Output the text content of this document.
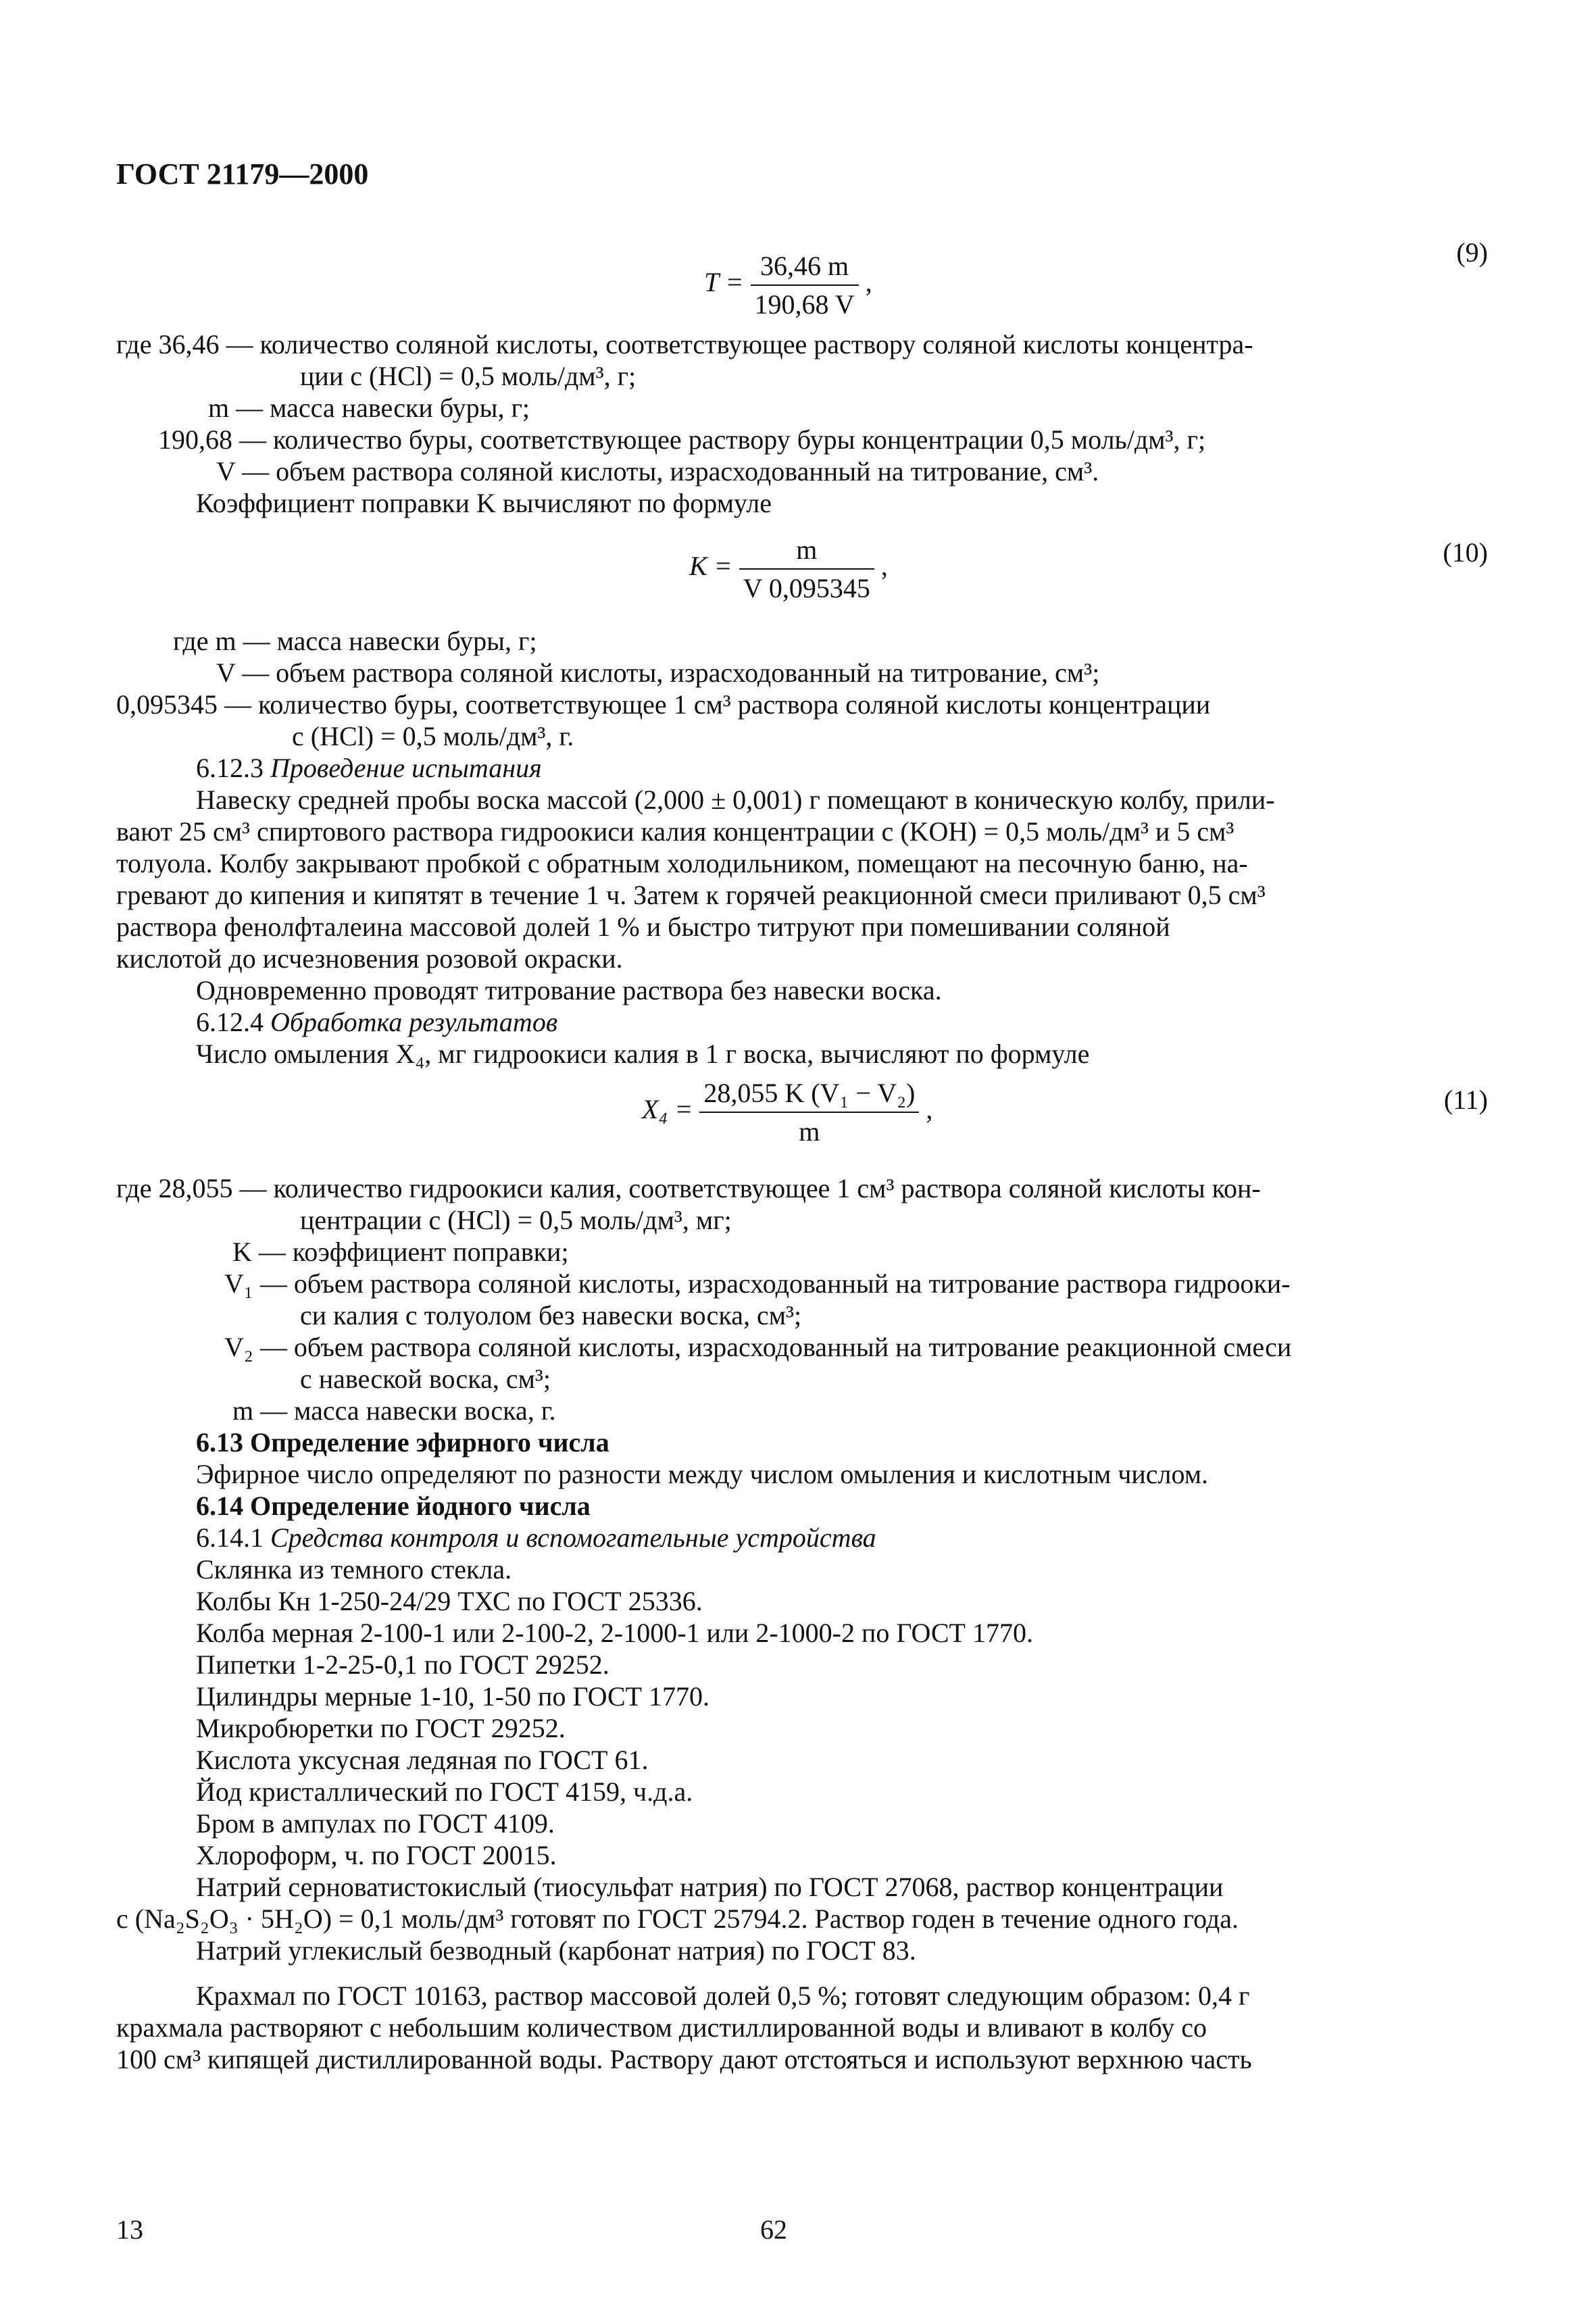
ГОСТ 21179—2000
$T = \frac{36,46 m}{190,68 V}$ ,
(9)
где 36,46 — количество соляной кислоты, соответствующее раствору соляной кислоты концентра-
ции c (HCl) = 0,5 моль/дм³, г;
m — масса навески буры, г;
190,68 — количество буры, соответствующее раствору буры концентрации 0,5 моль/дм³, г;
V — объем раствора соляной кислоты, израсходованный на титрование, см³.
Коэффициент поправки K вычисляют по формуле
$K = \frac{m}{V 0,095345}$ ,	(10)
где m — масса навески буры, г;
V — объем раствора соляной кислоты, израсходованный на титрование, см³;
0,095345 — количество буры, соответствующее 1 см³ раствора соляной кислоты концентрации
c (HCl) = 0,5 моль/дм³, г.
6.12.3 Проведение испытания
Навеску средней пробы воска массой (2,000 ± 0,001) г помещают в коническую колбу, прили-
вают 25 см³ спиртового раствора гидроокиси калия концентрации c (KOH) = 0,5 моль/дм³ и 5 см³
толуола. Колбу закрывают пробкой с обратным холодильником, помещают на песочную баню, на-
гревают до кипения и кипятят в течение 1 ч. Затем к горячей реакционной смеси приливают 0,5 см³
раствора фенолфталеина массовой долей 1 % и быстро титруют при помешивании соляной
кислотой до исчезновения розовой окраски.
Одновременно проводят титрование раствора без навески воска.
6.12.4 Обработка результатов
Число омыления X₄, мг гидроокиси калия в 1 г воска, вычисляют по формуле
$X_4 = \frac{\text{28,055 K (V₁ − V₂)}}{m}$ ,	(11)
где 28,055 — количество гидроокиси калия, соответствующее 1 см³ раствора соляной кислоты кон-
центрации c (HCl) = 0,5 моль/дм³, мг;
K — коэффициент поправки;
V₁ — объем раствора соляной кислоты, израсходованный на титрование раствора гидрооки-
си калия с толуолом без навески воска, см³;
V₂ — объем раствора соляной кислоты, израсходованный на титрование реакционной смеси
с навеской воска, см³;
m — масса навески воска, г.
6.13 Определение эфирного числа
Эфирное число определяют по разности между числом омыления и кислотным числом.
6.14 Определение йодного числа
6.14.1 Средства контроля и вспомогательные устройства
Склянка из темного стекла.
Колбы Кн 1-250-24/29 ТХС по ГОСТ 25336.
Колба мерная 2-100-1 или 2-100-2, 2-1000-1 или 2-1000-2 по ГОСТ 1770.
Пипетки 1-2-25-0,1 по ГОСТ 29252.
Цилиндры мерные 1-10, 1-50 по ГОСТ 1770.
Микробюретки по ГОСТ 29252.
Кислота уксусная ледяная по ГОСТ 61.
Йод кристаллический по ГОСТ 4159, ч.д.а.
Бром в ампулах по ГОСТ 4109.
Хлороформ, ч. по ГОСТ 20015.
Натрий серноватистокислый (тиосульфат натрия) по ГОСТ 27068, раствор концентрации
c (Na₂S₂O₃ · 5H₂O) = 0,1 моль/дм³ готовят по ГОСТ 25794.2. Раствор годен в течение одного года.
Натрий углекислый безводный (карбонат натрия) по ГОСТ 83.
Крахмал по ГОСТ 10163, раствор массовой долей 0,5 %; готовят следующим образом: 0,4 г
крахмала растворяют с небольшим количеством дистиллированной воды и вливают в колбу со
100 см³ кипящей дистиллированной воды. Раствору дают отстояться и используют верхнюю часть
13	62
